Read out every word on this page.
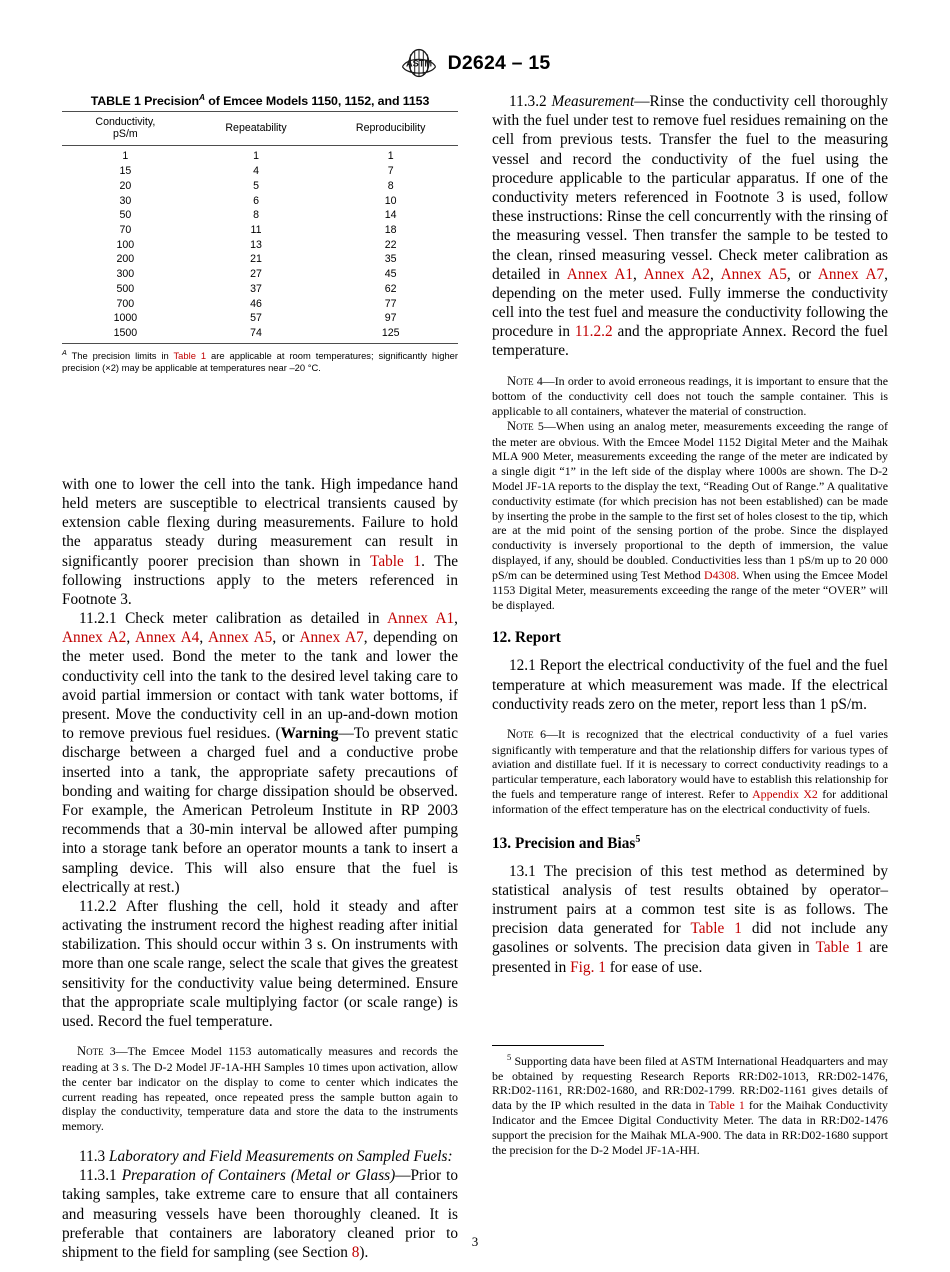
ASTM D2624 – 15
TABLE 1 Precision$^A$ of Emcee Models 1150, 1152, and 1153
Conductivity,
pS/m	Repeatability	Reproducibility
1	1	1
15	4	7
20	5	8
30	6	10
50	8	14
70	11	18
100	13	22
200	21	35
300	27	45
500	37	62
700	46	77
1000	57	97
1500	74	125
$^A$ The precision limits in Table 1 are applicable at room temperatures; significantly higher precision (×2) may be applicable at temperatures near –20 °C.

with one to lower the cell into the tank. High impedance hand held meters are susceptible to electrical transients caused by extension cable flexing during measurements. Failure to hold the apparatus steady during measurement can result in significantly poorer precision than shown in Table 1. The following instructions apply to the meters referenced in Footnote 3.

11.2.1 Check meter calibration as detailed in Annex A1, Annex A2, Annex A4, Annex A5, or Annex A7, depending on the meter used. Bond the meter to the tank and lower the conductivity cell into the tank to the desired level taking care to avoid partial immersion or contact with tank water bottoms, if present. Move the conductivity cell in an up-and-down motion to remove previous fuel residues. (Warning—To prevent static discharge between a charged fuel and a conductive probe inserted into a tank, the appropriate safety precautions of bonding and waiting for charge dissipation should be observed. For example, the American Petroleum Institute in RP 2003 recommends that a 30-min interval be allowed after pumping into a storage tank before an operator mounts a tank to insert a sampling device. This will also ensure that the fuel is electrically at rest.)

11.2.2 After flushing the cell, hold it steady and after activating the instrument record the highest reading after initial stabilization. This should occur within 3 s. On instruments with more than one scale range, select the scale that gives the greatest sensitivity for the conductivity value being determined. Ensure that the appropriate scale multiplying factor (or scale range) is used. Record the fuel temperature.

Note 3—The Emcee Model 1153 automatically measures and records the reading at 3 s. The D-2 Model JF-1A-HH Samples 10 times upon activation, allow the center bar indicator on the display to come to center which indicates the current reading has repeated, once repeated press the sample button again to display the conductivity, temperature data and store the data to the instruments memory.

11.3 Laboratory and Field Measurements on Sampled Fuels:

11.3.1 Preparation of Containers (Metal or Glass)—Prior to taking samples, take extreme care to ensure that all containers and measuring vessels have been thoroughly cleaned. It is preferable that containers are laboratory cleaned prior to shipment to the field for sampling (see Section 8).

11.3.2 Measurement—Rinse the conductivity cell thoroughly with the fuel under test to remove fuel residues remaining on the cell from previous tests. Transfer the fuel to the measuring vessel and record the conductivity of the fuel using the procedure applicable to the particular apparatus. If one of the conductivity meters referenced in Footnote 3 is used, follow these instructions: Rinse the cell concurrently with the rinsing of the measuring vessel. Then transfer the sample to be tested to the clean, rinsed measuring vessel. Check meter calibration as detailed in Annex A1, Annex A2, Annex A5, or Annex A7, depending on the meter used. Fully immerse the conductivity cell into the test fuel and measure the conductivity following the procedure in 11.2.2 and the appropriate Annex. Record the fuel temperature.

Note 4—In order to avoid erroneous readings, it is important to ensure that the bottom of the conductivity cell does not touch the sample container. This is applicable to all containers, whatever the material of construction.

Note 5—When using an analog meter, measurements exceeding the range of the meter are obvious. With the Emcee Model 1152 Digital Meter and the Maihak MLA 900 Meter, measurements exceeding the range of the meter are indicated by a single digit “1” in the left side of the display where 1000s are shown. The D-2 Model JF-1A reports to the display the text, “Reading Out of Range.” A qualitative conductivity estimate (for which precision has not been established) can be made by inserting the probe in the sample to the first set of holes closest to the tip, which are at the mid point of the sensing portion of the probe. Since the displayed conductivity is inversely proportional to the depth of immersion, the value displayed, if any, should be doubled. Conductivities less than 1 pS/m up to 20 000 pS/m can be determined using Test Method D4308. When using the Emcee Model 1153 Digital Meter, measurements exceeding the range of the meter “OVER” will be displayed.

12. Report

12.1 Report the electrical conductivity of the fuel and the fuel temperature at which measurement was made. If the electrical conductivity reads zero on the meter, report less than 1 pS/m.

Note 6—It is recognized that the electrical conductivity of a fuel varies significantly with temperature and that the relationship differs for various types of aviation and distillate fuel. If it is necessary to correct conductivity readings to a particular temperature, each laboratory would have to establish this relationship for the fuels and temperature range of interest. Refer to Appendix X2 for additional information of the effect temperature has on the electrical conductivity of fuels.

13. Precision and Bias$^5$

13.1 The precision of this test method as determined by statistical analysis of test results obtained by operator–instrument pairs at a common test site is as follows. The precision data generated for Table 1 did not include any gasolines or solvents. The precision data given in Table 1 are presented in Fig. 1 for ease of use.

$^5$ Supporting data have been filed at ASTM International Headquarters and may be obtained by requesting Research Reports RR:D02-1013, RR:D02-1476, RR:D02-1161, RR:D02-1680, and RR:D02-1799. RR:D02-1161 gives details of data by the IP which resulted in the data in Table 1 for the Maihak Conductivity Indicator and the Emcee Digital Conductivity Meter. The data in RR:D02-1476 support the precision for the Maihak MLA-900. The data in RR:D02-1680 support the precision for the D-2 Model JF-1A-HH.

3
